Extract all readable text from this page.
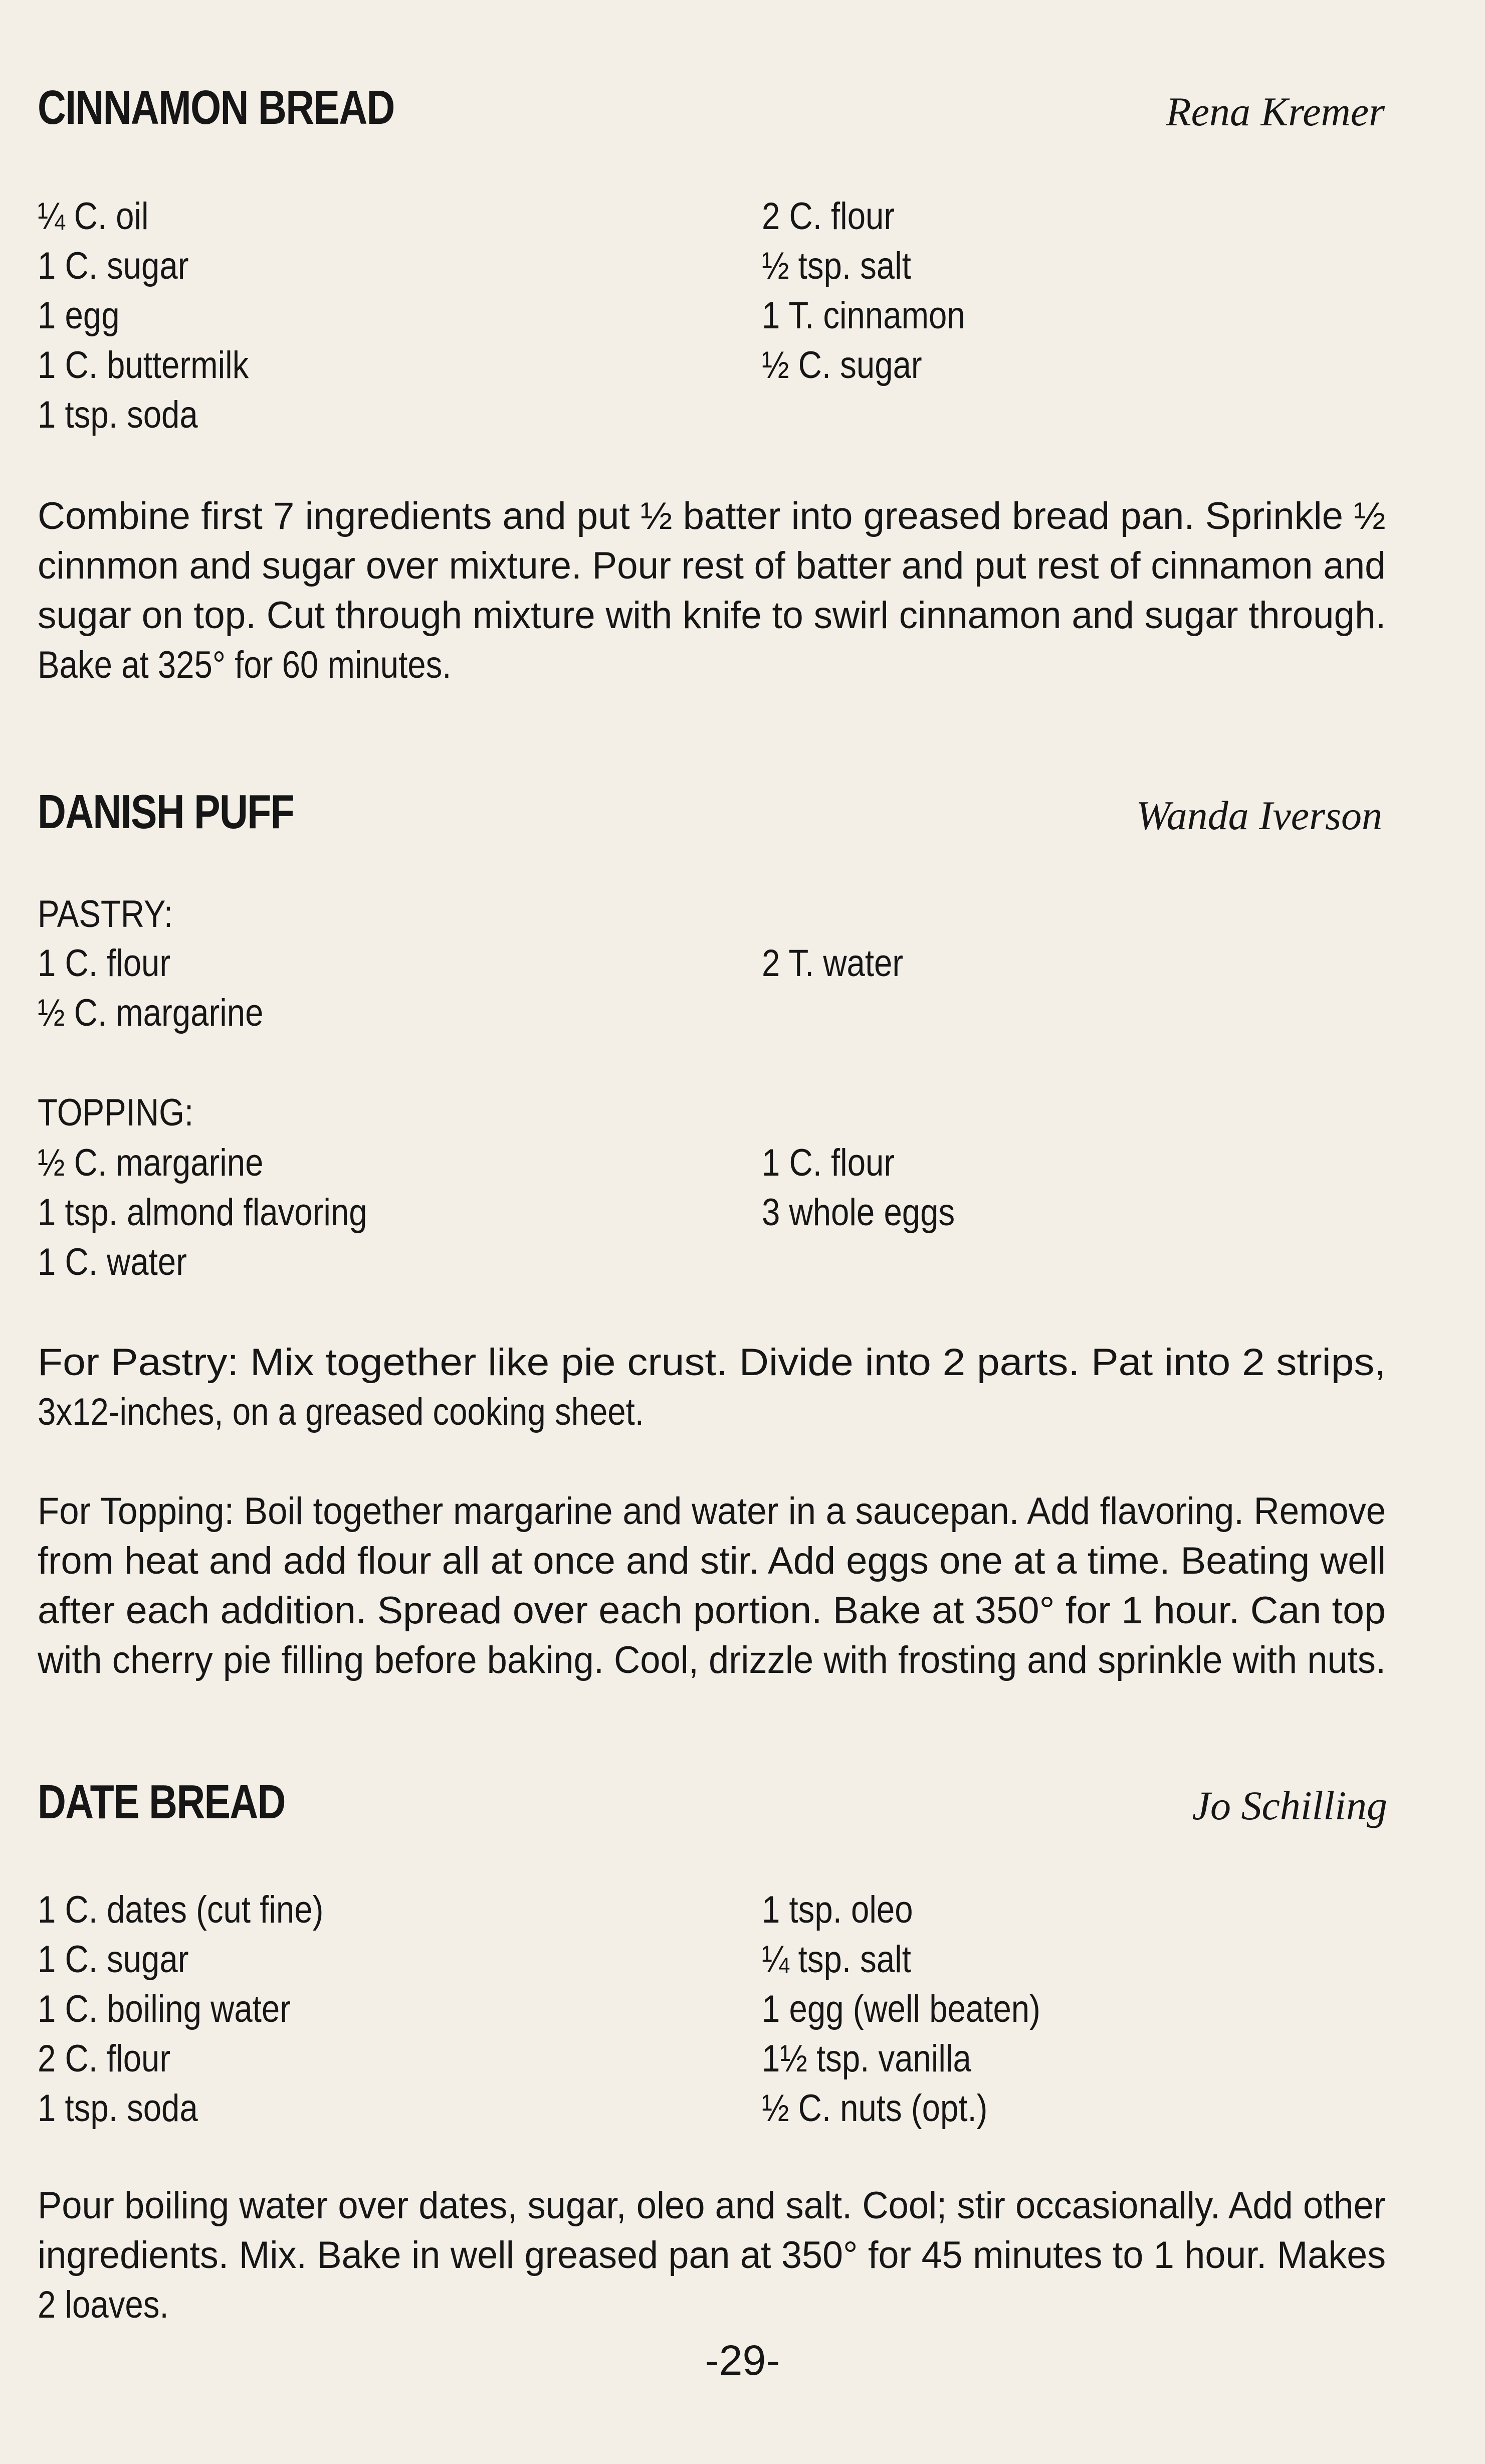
CINNAMON BREAD	Rena Kremer
¼ C. oil
1 C. sugar
1 egg
1 C. buttermilk
1 tsp. soda
2 C. flour
½ tsp. salt
1 T. cinnamon
½ C. sugar
Combine first 7 ingredients and put ½ batter into greased bread pan. Sprinkle ½
cinnmon and sugar over mixture. Pour rest of batter and put rest of cinnamon and
sugar on top. Cut through mixture with knife to swirl cinnamon and sugar through.
Bake at 325° for 60 minutes.
DANISH PUFF	Wanda Iverson
PASTRY:
1 C. flour
½ C. margarine
2 T. water
TOPPING:
½ C. margarine
1 tsp. almond flavoring
1 C. water
1 C. flour
3 whole eggs
For Pastry: Mix together like pie crust. Divide into 2 parts. Pat into 2 strips,
3x12-inches, on a greased cooking sheet.
For Topping: Boil together margarine and water in a saucepan. Add flavoring. Remove
from heat and add flour all at once and stir. Add eggs one at a time. Beating well
after each addition. Spread over each portion. Bake at 350° for 1 hour. Can top
with cherry pie filling before baking. Cool, drizzle with frosting and sprinkle with nuts.
DATE BREAD	Jo Schilling
1 C. dates (cut fine)
1 C. sugar
1 C. boiling water
2 C. flour
1 tsp. soda
1 tsp. oleo
¼ tsp. salt
1 egg (well beaten)
1½ tsp. vanilla
½ C. nuts (opt.)
Pour boiling water over dates, sugar, oleo and salt. Cool; stir occasionally. Add other
ingredients. Mix. Bake in well greased pan at 350° for 45 minutes to 1 hour. Makes
2 loaves.
-29-
